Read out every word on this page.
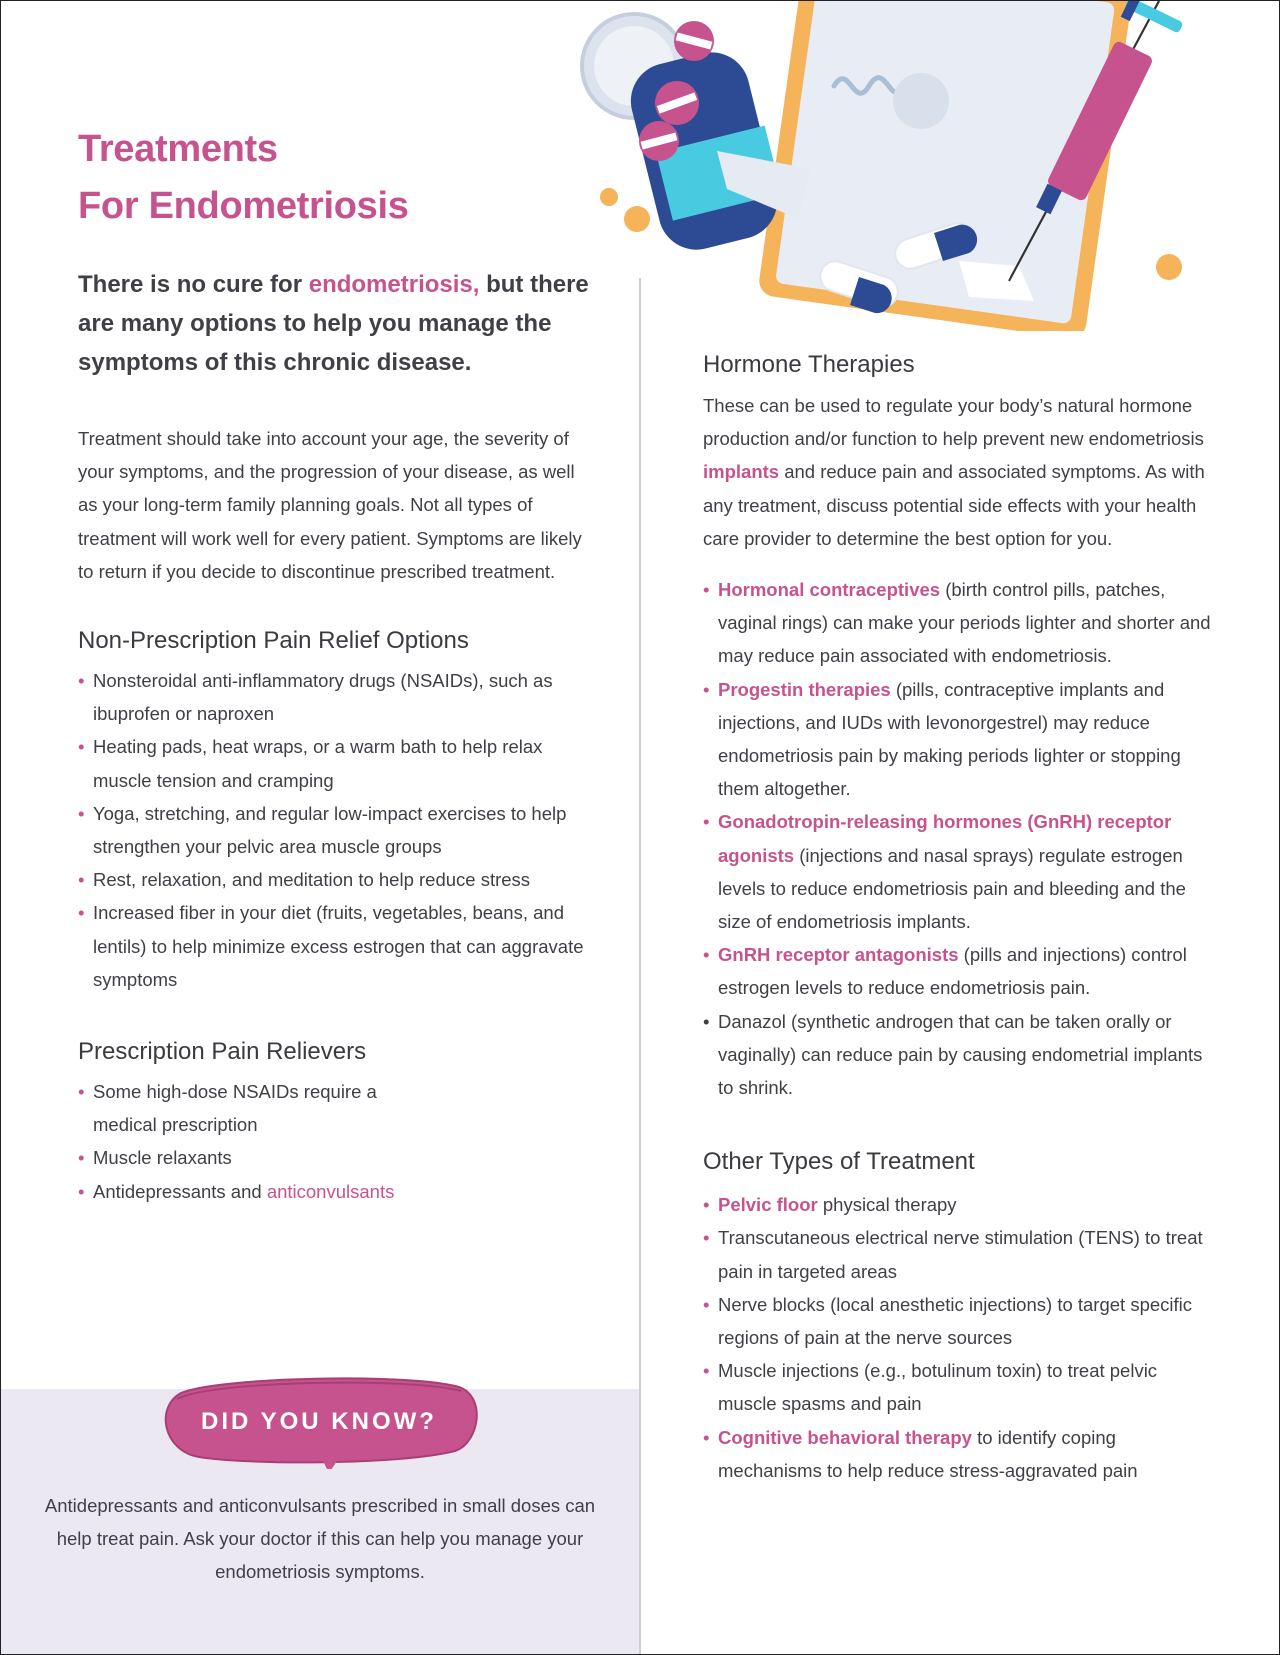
Treatments
For Endometriosis

There is no cure for endometriosis, but there are many options to help you manage the symptoms of this chronic disease.

Treatment should take into account your age, the severity of your symptoms, and the progression of your disease, as well as your long-term family planning goals. Not all types of treatment will work well for every patient. Symptoms are likely to return if you decide to discontinue prescribed treatment.

Non-Prescription Pain Relief Options
• Nonsteroidal anti-inflammatory drugs (NSAIDs), such as ibuprofen or naproxen
• Heating pads, heat wraps, or a warm bath to help relax muscle tension and cramping
• Yoga, stretching, and regular low-impact exercises to help strengthen your pelvic area muscle groups
• Rest, relaxation, and meditation to help reduce stress
• Increased fiber in your diet (fruits, vegetables, beans, and lentils) to help minimize excess estrogen that can aggravate symptoms
Prescription Pain Relievers
• Some high-dose NSAIDs require a medical prescription
• Muscle relaxants
• Antidepressants and anticonvulsants
DID YOU KNOW?

Antidepressants and anticonvulsants prescribed in small doses can help treat pain. Ask your doctor if this can help you manage your endometriosis symptoms.

Hormone Therapies

These can be used to regulate your body’s natural hormone production and/or function to help prevent new endometriosis implants and reduce pain and associated symptoms. As with any treatment, discuss potential side effects with your health care provider to determine the best option for you.

• Hormonal contraceptives (birth control pills, patches, vaginal rings) can make your periods lighter and shorter and may reduce pain associated with endometriosis.
• Progestin therapies (pills, contraceptive implants and injections, and IUDs with levonorgestrel) may reduce endometriosis pain by making periods lighter or stopping them altogether.
• Gonadotropin-releasing hormones (GnRH) receptor agonists (injections and nasal sprays) regulate estrogen levels to reduce endometriosis pain and bleeding and the size of endometriosis implants.
• GnRH receptor antagonists (pills and injections) control estrogen levels to reduce endometriosis pain.
• Danazol (synthetic androgen that can be taken orally or vaginally) can reduce pain by causing endometrial implants to shrink.
Other Types of Treatment
• Pelvic floor physical therapy
• Transcutaneous electrical nerve stimulation (TENS) to treat pain in targeted areas
• Nerve blocks (local anesthetic injections) to target specific regions of pain at the nerve sources
• Muscle injections (e.g., botulinum toxin) to treat pelvic muscle spasms and pain
• Cognitive behavioral therapy to identify coping mechanisms to help reduce stress-aggravated pain
